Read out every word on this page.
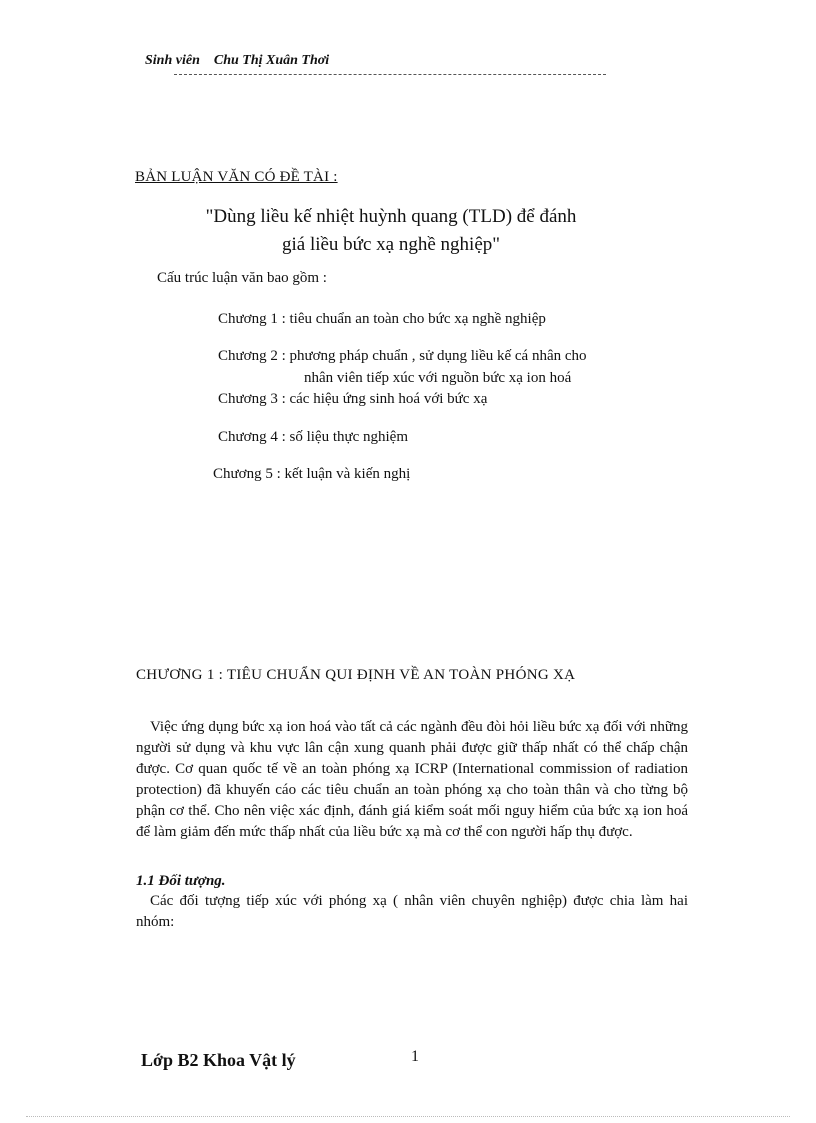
Sinh viên Chu Thị Xuân Thơi
BẢN LUẬN VĂN CÓ ĐỀ TÀI :
"Dùng liều kế nhiệt huỳnh quang (TLD) để đánh
giá liều bức xạ nghề nghiệp"
Cấu trúc luận văn bao gồm :
Chương 1 : tiêu chuẩn an toàn cho bức xạ nghề nghiệp
Chương 2 : phương pháp chuẩn , sử dụng liều kế cá nhân cho
nhân viên tiếp xúc với nguồn bức xạ ion hoá
Chương 3 : các hiệu ứng sinh hoá với bức xạ
Chương 4 : số liệu thực nghiệm
Chương 5 : kết luận và kiến nghị
CHƯƠNG 1 : TIÊU CHUẨN QUI ĐỊNH VỀ AN TOÀN PHÓNG XẠ
Việc ứng dụng bức xạ ion hoá vào tất cả các ngành đều đòi hỏi liều bức xạ đối với những người sử dụng và khu vực lân cận xung quanh phải được giữ thấp nhất có thể chấp chận được. Cơ quan quốc tế về an toàn phóng xạ ICRP (International commission of radiation protection) đã khuyến cáo các tiêu chuẩn an toàn phóng xạ cho toàn thân và cho từng bộ phận cơ thể. Cho nên việc xác định, đánh giá kiểm soát mối nguy hiểm của bức xạ ion hoá để làm giảm đến mức thấp nhất của liều bức xạ mà cơ thể con người hấp thụ được.
1.1 Đối tượng.
Các đối tượng tiếp xúc với phóng xạ ( nhân viên chuyên nghiệp) được chia làm hai nhóm:
Lớp B2 Khoa Vật lý	1
